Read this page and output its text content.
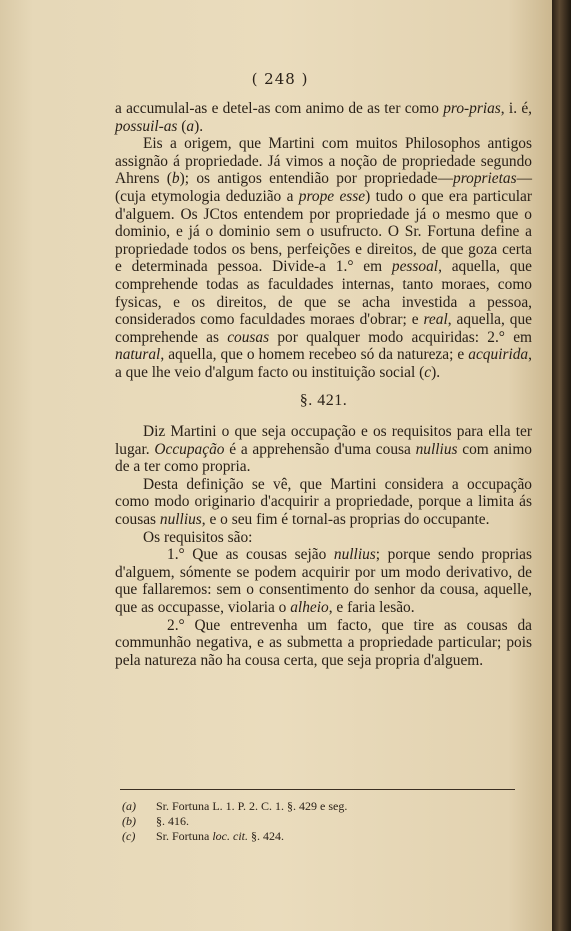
( 248 )

a accumulal-as e detel-as com animo de as ter como pro-prias, i. é, possuil-as (a).

Eis a origem, que Martini com muitos Philosophos antigos assignão á propriedade. Já vimos a noção de propriedade segundo Ahrens (b); os antigos entendião por propriedade—proprietas—(cuja etymologia deduzião a prope esse) tudo o que era particular d'alguem. Os JCtos entendem por propriedade já o mesmo que o dominio, e já o dominio sem o usufructo. O Sr. Fortuna define a propriedade todos os bens, perfeições e direitos, de que goza certa e determinada pessoa. Divide-a 1.° em pessoal, aquella, que comprehende todas as faculdades internas, tanto moraes, como fysicas, e os direitos, de que se acha investida a pessoa, considerados como faculdades moraes d'obrar; e real, aquella, que comprehende as cousas por qualquer modo acquiridas: 2.° em natural, aquella, que o homem recebeo só da natureza; e acquirida, a que lhe veio d'algum facto ou instituição social (c).

§. 421.

Diz Martini o que seja occupação e os requisitos para ella ter lugar. Occupação é a apprehensão d'uma cousa nullius com animo de a ter como propria.

Desta definição se vê, que Martini considera a occupação como modo originario d'acquirir a propriedade, porque a limita ás cousas nullius, e o seu fim é tornal-as proprias do occupante.

Os requisitos são:

1.° Que as cousas sejão nullius; porque sendo proprias d'alguem, sómente se podem acquirir por um modo derivativo, de que fallaremos: sem o consentimento do senhor da cousa, aquelle, que as occupasse, violaria o alheio, e faria lesão.

2.° Que entrevenha um facto, que tire as cousas da communhão negativa, e as submetta a propriedade particular; pois pela natureza não ha cousa certa, que seja propria d'alguem.

(a)	Sr. Fortuna L. 1. P. 2. C. 1. §. 429 e seg.
(b)	§. 416.
(c)	Sr. Fortuna loc. cit. §. 424.
